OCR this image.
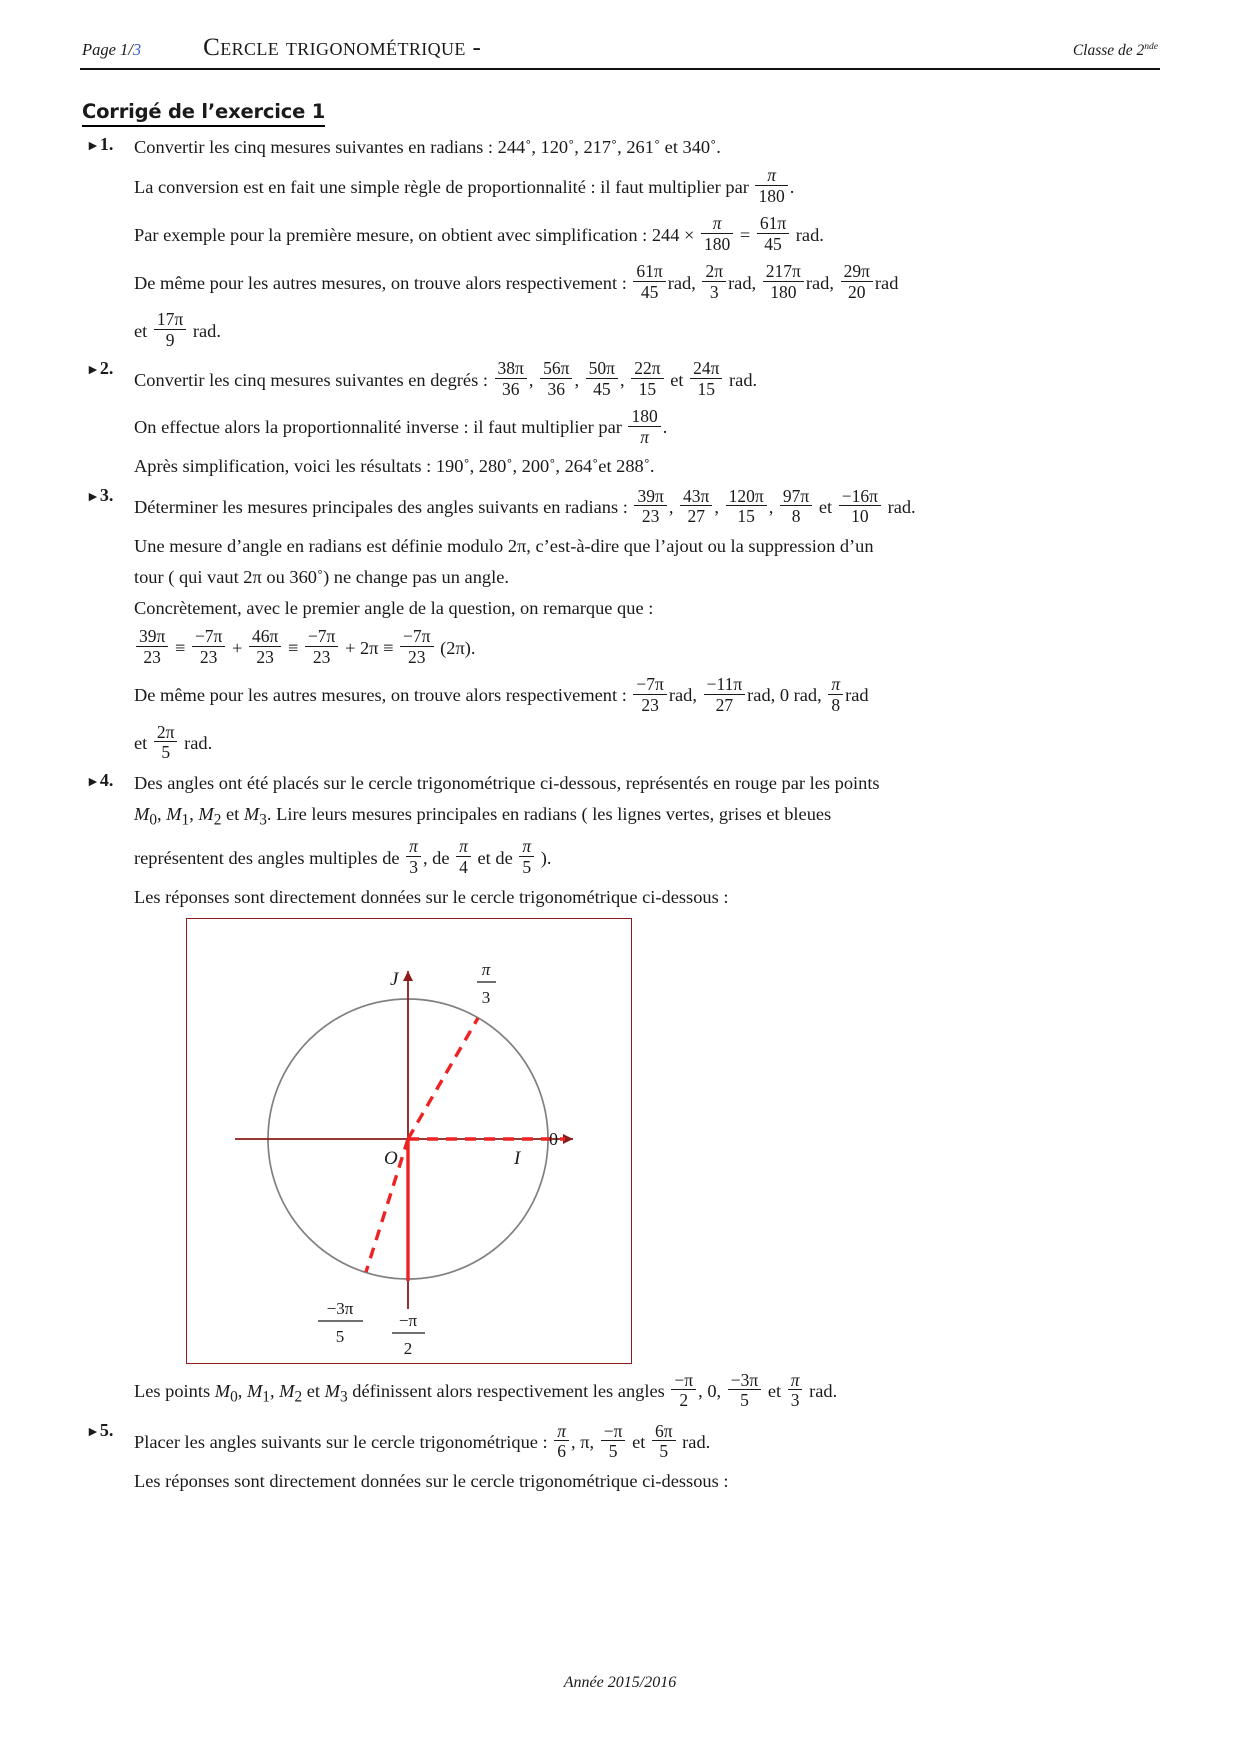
Page 1/3	Cercle trigonométrique -	Classe de 2nde
Corrigé de l’exercice 1
►1. Convertir les cinq mesures suivantes en radians : 244˚, 120˚, 217˚, 261˚ et 340˚.

La conversion est en fait une simple règle de proportionnalité : il faut multiplier par $\frac{\pi}{180}$ .

Par exemple pour la première mesure, on obtient avec simplification : $244 \times \frac{\pi}{180} = \frac{61\pi}{45}$ rad.

De même pour les autres mesures, on trouve alors respectivement : $\frac{61\pi}{45}$ rad, $\frac{2\pi}{3}$ rad, $\frac{217\pi}{180}$ rad, $\frac{29\pi}{20}$ rad

et $\frac{17\pi}{9}$ rad.

►2.

Convertir les cinq mesures suivantes en degrés : $\frac{38\pi}{36}$ , $\frac{56\pi}{36}$ , $\frac{50\pi}{45}$ , $\frac{22\pi}{15}$ et $\frac{24\pi}{15}$ rad.

On effectue alors la proportionnalité inverse : il faut multiplier par $\frac{180}{\pi}$ .

Après simplification, voici les résultats : 190˚, 280˚, 200˚, 264˚et 288˚.

►3.

Déterminer les mesures principales des angles suivants en radians : $\frac{39\pi}{23}$ , $\frac{43\pi}{27}$ , $\frac{120\pi}{15}$ , $\frac{97\pi}{8}$ et $\frac{-16\pi}{10}$ rad.

Une mesure d’angle en radians est définie modulo 2π, c’est-à-dire que l’ajout ou la suppression d’un

tour ( qui vaut 2π ou 360˚) ne change pas un angle.

Concrètement, avec le premier angle de la question, on remarque que :

$\frac{39\pi}{23} \equiv \frac{-7\pi}{23} + \frac{46\pi}{23} \equiv \frac{-7\pi}{23} + 2\pi \equiv \frac{-7\pi}{23} (2\pi)$.

De même pour les autres mesures, on trouve alors respectivement : $\frac{-7\pi}{23}$ rad, $\frac{-11\pi}{27}$ rad, 0 rad, $\frac{\pi}{8}$ rad

et $\frac{2\pi}{5}$ rad.

►4. Des angles ont été placés sur le cercle trigonométrique ci-dessous, représentés en rouge par les points

$M_0$, $M_1$, $M_2$ et $M_3$. Lire leurs mesures principales en radians ( les lignes vertes, grises et bleues

représentent des angles multiples de $\frac{\pi}{3}$ , de $\frac{\pi}{4}$ et de $\frac{\pi}{5}$ ).

Les réponses sont directement données sur le cercle trigonométrique ci-dessous :

J
I
O
0
π
3
−3π
5
−π
2

Les points $M_0$, $M_1$, $M_2$ et $M_3$ définissent alors respectivement les angles $\frac{-\pi}{2}$ , 0, $\frac{-3\pi}{5}$ et $\frac{\pi}{3}$ rad.

►5.

Placer les angles suivants sur le cercle trigonométrique : $\frac{\pi}{6}$ , π, $\frac{-\pi}{5}$ et $\frac{6\pi}{5}$ rad.

Les réponses sont directement données sur le cercle trigonométrique ci-dessous :

Année 2015/2016
